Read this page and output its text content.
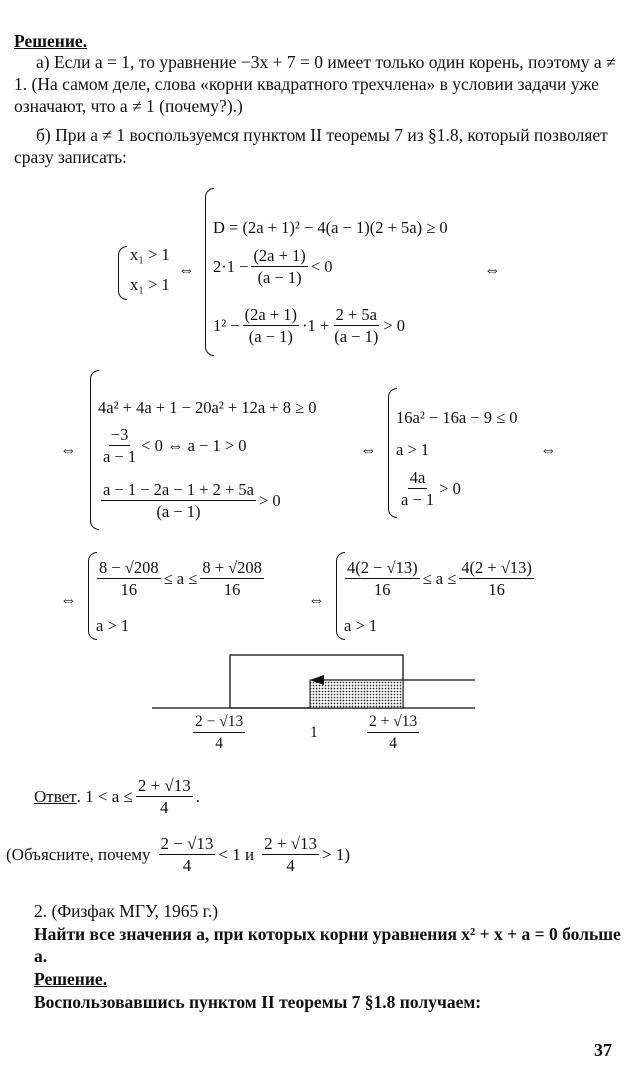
Решение.

а) Если a = 1, то уравнение −3x + 7 = 0 имеет только один корень, поэтому a ≠ 1. (На самом деле, слова «корни квадратного трехчлена» в условии задачи уже означают, что a ≠ 1 (почему?).)

б) При a ≠ 1 воспользуемся пунктом II теоремы 7 из §1.8, который позволяет сразу записать:

x₁ > 1
x₁ > 1
⇔
D = (2a + 1)² − 4(a − 1)(2 + 5a) ≥ 0
$2\cdot 1 - \frac{(2a + 1)}{(a - 1)} < 0$
$1^2 - \frac{(2a + 1)}{(a - 1)} \cdot 1 + \frac{2 + 5a}{(a - 1)} > 0$
⇔
⇔
4a² + 4a + 1 − 20a² + 12a + 8 ≥ 0
$\frac{-3}{a - 1} < 0$ ⇔ a − 1 > 0
$\frac{a - 1 - 2a - 1 + 2 + 5a}{(a - 1)} > 0$
⇔
16a² − 16a − 9 ≤ 0
a > 1
$\frac{4a}{a - 1} > 0$
⇔
⇔
$\frac{8 - √208}{16} \le a \le \frac{8 + √208}{16}$
a > 1
⇔
$\frac{4(2 - √13)}{16} \le a \le \frac{4(2 + √13)}{16}$
a > 1
$\frac{2 - √13}{4}$	1	$\frac{2 + √13}{4}$
Ответ . $1 < a \le \frac{2 + √13}{4}$ .
(Объясните, почему $\frac{2 - √13}{4} < 1$ и $\frac{2 + √13}{4} > 1$)

2. (Физфак МГУ, 1965 г.)

Найти все значения a, при которых корни уравнения x² + x + a = 0 больше a.

Решение.

Воспользовавшись пунктом II теоремы 7 §1.8 получаем:

37
